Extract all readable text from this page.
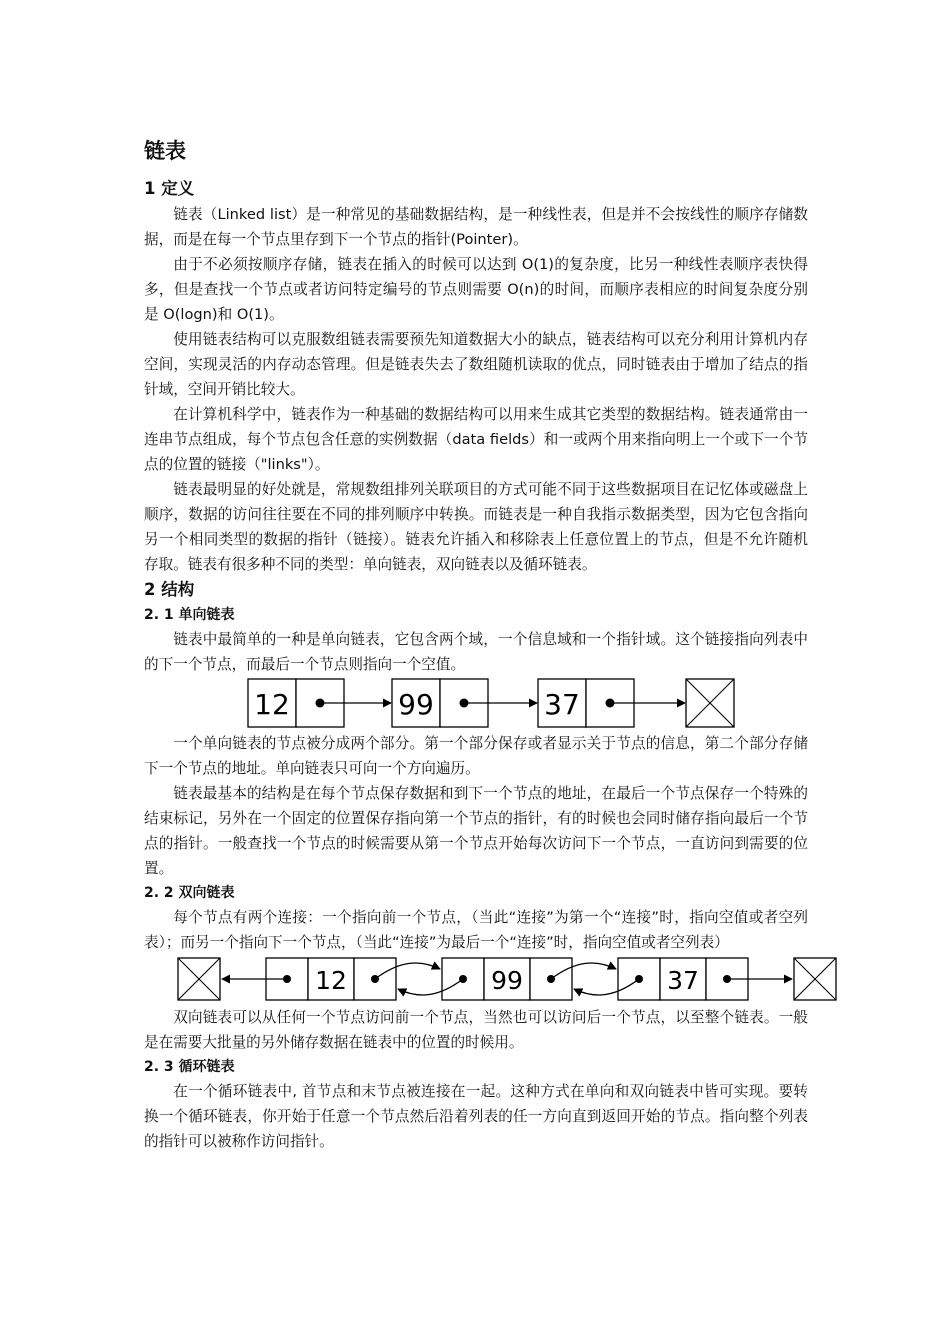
链表
1 定义

链表（Linked list）是一种常见的基础数据结构，是一种线性表，但是并不会按线性的顺序存储数据，而是在每一个节点里存到下一个节点的指针(Pointer)。

由于不必须按顺序存储，链表在插入的时候可以达到 O(1)的复杂度，比另一种线性表顺序表快得多，但是查找一个节点或者访问特定编号的节点则需要 O(n)的时间，而顺序表相应的时间复杂度分别是 O(logn)和 O(1)。

使用链表结构可以克服数组链表需要预先知道数据大小的缺点，链表结构可以充分利用计算机内存空间，实现灵活的内存动态管理。但是链表失去了数组随机读取的优点，同时链表由于增加了结点的指针域，空间开销比较大。

在计算机科学中，链表作为一种基础的数据结构可以用来生成其它类型的数据结构。链表通常由一连串节点组成，每个节点包含任意的实例数据（data fields）和一或两个用来指向明上一个或下一个节点的位置的链接（"links"）。

链表最明显的好处就是，常规数组排列关联项目的方式可能不同于这些数据项目在记忆体或磁盘上顺序，数据的访问往往要在不同的排列顺序中转换。而链表是一种自我指示数据类型，因为它包含指向另一个相同类型的数据的指针（链接）。链表允许插入和移除表上任意位置上的节点，但是不允许随机存取。链表有很多种不同的类型：单向链表，双向链表以及循环链表。

2 结构
2. 1 单向链表

链表中最简单的一种是单向链表，它包含两个域，一个信息域和一个指针域。这个链接指向列表中的下一个节点，而最后一个节点则指向一个空值。

12	99	37

一个单向链表的节点被分成两个部分。第一个部分保存或者显示关于节点的信息，第二个部分存储下一个节点的地址。单向链表只可向一个方向遍历。

链表最基本的结构是在每个节点保存数据和到下一个节点的地址，在最后一个节点保存一个特殊的结束标记，另外在一个固定的位置保存指向第一个节点的指针，有的时候也会同时储存指向最后一个节点的指针。一般查找一个节点的时候需要从第一个节点开始每次访问下一个节点，一直访问到需要的位置。

2. 2 双向链表

每个节点有两个连接：一个指向前一个节点，（当此“连接”为第一个“连接”时，指向空值或者空列表）；而另一个指向下一个节点，（当此“连接”为最后一个“连接”时，指向空值或者空列表）

12	99	37

双向链表可以从任何一个节点访问前一个节点，当然也可以访问后一个节点，以至整个链表。一般是在需要大批量的另外储存数据在链表中的位置的时候用。

2. 3 循环链表

在一个循环链表中, 首节点和末节点被连接在一起。这种方式在单向和双向链表中皆可实现。要转换一个循环链表，你开始于任意一个节点然后沿着列表的任一方向直到返回开始的节点。指向整个列表的指针可以被称作访问指针。
